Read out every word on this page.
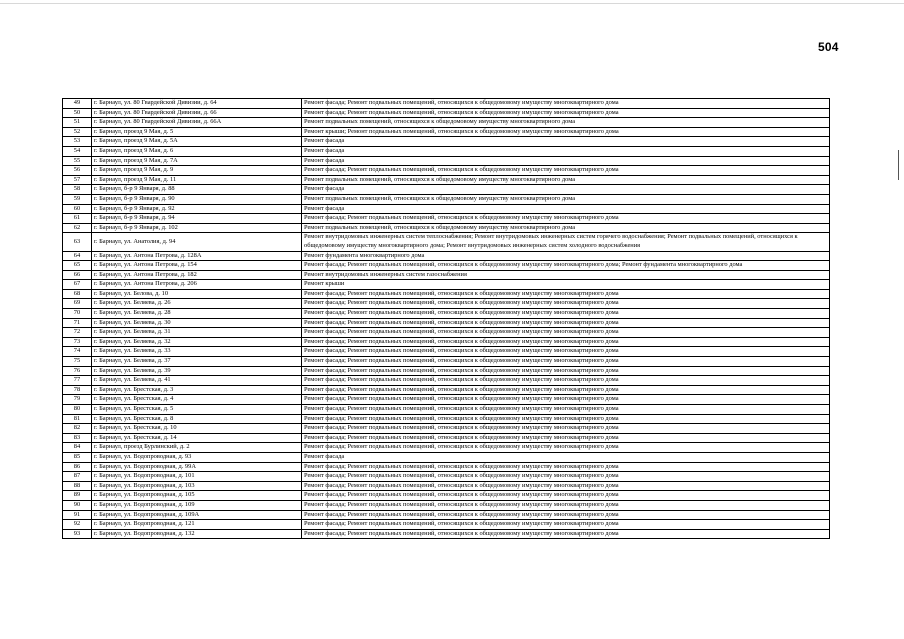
504
49	г. Барнаул, ул. 80 Гвардейской Дивизии, д. 64	Ремонт фасада; Ремонт подвальных помещений, относящихся к общедомовому имуществу многоквартирного дома
50	г. Барнаул, ул. 80 Гвардейской Дивизии, д. 66	Ремонт фасада; Ремонт подвальных помещений, относящихся к общедомовому имуществу многоквартирного дома
51	г. Барнаул, ул. 80 Гвардейской Дивизии, д. 66А	Ремонт подвальных помещений, относящихся к общедомовому имуществу многоквартирного дома
52	г. Барнаул, проезд 9 Мая, д. 5	Ремонт крыши; Ремонт подвальных помещений, относящихся к общедомовому имуществу многоквартирного дома
53	г. Барнаул, проезд 9 Мая, д. 5А	Ремонт фасада
54	г. Барнаул, проезд 9 Мая, д. 6	Ремонт фасада
55	г. Барнаул, проезд 9 Мая, д. 7А	Ремонт фасада
56	г. Барнаул, проезд 9 Мая, д. 9	Ремонт фасада; Ремонт подвальных помещений, относящихся к общедомовому имуществу многоквартирного дома
57	г. Барнаул, проезд 9 Мая, д. 11	Ремонт подвальных помещений, относящихся к общедомовому имуществу многоквартирного дома
58	г. Барнаул, б-р 9 Января, д. 88	Ремонт фасада
59	г. Барнаул, б-р 9 Января, д. 90	Ремонт подвальных помещений, относящихся к общедомовому имуществу многоквартирного дома
60	г. Барнаул, б-р 9 Января, д. 92	Ремонт фасада
61	г. Барнаул, б-р 9 Января, д. 94	Ремонт фасада; Ремонт подвальных помещений, относящихся к общедомовому имуществу многоквартирного дома
62	г. Барнаул, б-р 9 Января, д. 102	Ремонт подвальных помещений, относящихся к общедомовому имуществу многоквартирного дома
63	г. Барнаул, ул. Анатолия, д. 94	Ремонт внутридомовых инженерных систем теплоснабжения; Ремонт внутридомовых инженерных систем горячего водоснабжения; Ремонт подвальных помещений, относящихся к общедомовому имуществу многоквартирного дома; Ремонт внутридомовых инженерных систем холодного водоснабжения
64	г. Барнаул, ул. Антона Петрова, д. 128А	Ремонт фундамента многоквартирного дома
65	г. Барнаул, ул. Антона Петрова, д. 154	Ремонт фасада; Ремонт подвальных помещений, относящихся к общедомовому имуществу многоквартирного дома; Ремонт фундамента многоквартирного дома
66	г. Барнаул, ул. Антона Петрова, д. 182	Ремонт внутридомовых инженерных систем газоснабжения
67	г. Барнаул, ул. Антона Петрова, д. 206	Ремонт крыши
68	г. Барнаул, ул. Белова, д. 10	Ремонт фасада; Ремонт подвальных помещений, относящихся к общедомовому имуществу многоквартирного дома
69	г. Барнаул, ул. Беляева, д. 26	Ремонт фасада; Ремонт подвальных помещений, относящихся к общедомовому имуществу многоквартирного дома
70	г. Барнаул, ул. Беляева, д. 28	Ремонт фасада; Ремонт подвальных помещений, относящихся к общедомовому имуществу многоквартирного дома
71	г. Барнаул, ул. Беляева, д. 30	Ремонт фасада; Ремонт подвальных помещений, относящихся к общедомовому имуществу многоквартирного дома
72	г. Барнаул, ул. Беляева, д. 31	Ремонт фасада; Ремонт подвальных помещений, относящихся к общедомовому имуществу многоквартирного дома
73	г. Барнаул, ул. Беляева, д. 32	Ремонт фасада; Ремонт подвальных помещений, относящихся к общедомовому имуществу многоквартирного дома
74	г. Барнаул, ул. Беляева, д. 33	Ремонт фасада; Ремонт подвальных помещений, относящихся к общедомовому имуществу многоквартирного дома
75	г. Барнаул, ул. Беляева, д. 37	Ремонт фасада; Ремонт подвальных помещений, относящихся к общедомовому имуществу многоквартирного дома
76	г. Барнаул, ул. Беляева, д. 39	Ремонт фасада; Ремонт подвальных помещений, относящихся к общедомовому имуществу многоквартирного дома
77	г. Барнаул, ул. Беляева, д. 41	Ремонт фасада; Ремонт подвальных помещений, относящихся к общедомовому имуществу многоквартирного дома
78	г. Барнаул, ул. Брестская, д. 3	Ремонт фасада; Ремонт подвальных помещений, относящихся к общедомовому имуществу многоквартирного дома
79	г. Барнаул, ул. Брестская, д. 4	Ремонт фасада; Ремонт подвальных помещений, относящихся к общедомовому имуществу многоквартирного дома
80	г. Барнаул, ул. Брестская, д. 5	Ремонт фасада; Ремонт подвальных помещений, относящихся к общедомовому имуществу многоквартирного дома
81	г. Барнаул, ул. Брестская, д. 8	Ремонт фасада; Ремонт подвальных помещений, относящихся к общедомовому имуществу многоквартирного дома
82	г. Барнаул, ул. Брестская, д. 10	Ремонт фасада; Ремонт подвальных помещений, относящихся к общедомовому имуществу многоквартирного дома
83	г. Барнаул, ул. Брестская, д. 14	Ремонт фасада; Ремонт подвальных помещений, относящихся к общедомовому имуществу многоквартирного дома
84	г. Барнаул, проезд Бурлинский, д. 2	Ремонт фасада; Ремонт подвальных помещений, относящихся к общедомовому имуществу многоквартирного дома
85	г. Барнаул, ул. Водопроводная, д. 93	Ремонт фасада
86	г. Барнаул, ул. Водопроводная, д. 99А	Ремонт фасада; Ремонт подвальных помещений, относящихся к общедомовому имуществу многоквартирного дома
87	г. Барнаул, ул. Водопроводная, д. 101	Ремонт фасада; Ремонт подвальных помещений, относящихся к общедомовому имуществу многоквартирного дома
88	г. Барнаул, ул. Водопроводная, д. 103	Ремонт фасада; Ремонт подвальных помещений, относящихся к общедомовому имуществу многоквартирного дома
89	г. Барнаул, ул. Водопроводная, д. 105	Ремонт фасада; Ремонт подвальных помещений, относящихся к общедомовому имуществу многоквартирного дома
90	г. Барнаул, ул. Водопроводная, д. 109	Ремонт фасада; Ремонт подвальных помещений, относящихся к общедомовому имуществу многоквартирного дома
91	г. Барнаул, ул. Водопроводная, д. 109А	Ремонт фасада; Ремонт подвальных помещений, относящихся к общедомовому имуществу многоквартирного дома
92	г. Барнаул, ул. Водопроводная, д. 121	Ремонт фасада; Ремонт подвальных помещений, относящихся к общедомовому имуществу многоквартирного дома
93	г. Барнаул, ул. Водопроводная, д. 132	Ремонт фасада; Ремонт подвальных помещений, относящихся к общедомовому имуществу многоквартирного дома
